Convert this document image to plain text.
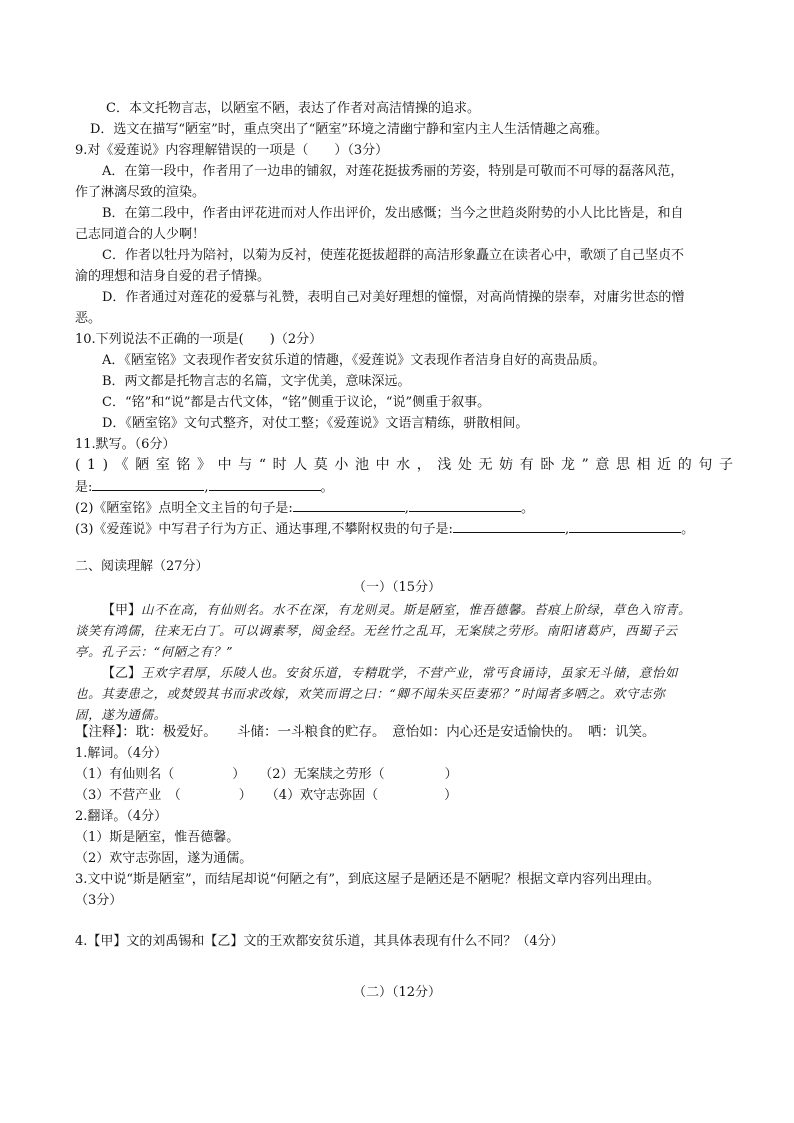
C．本文托物言志，以陋室不陋，表达了作者对高洁情操的追求。
D．选文在描写“陋室”时，重点突出了“陋室”环境之清幽宁静和室内主人生活情趣之高雅。
9.对《爱莲说》内容理解错误的一项是（　　）（3分）
A．在第一段中，作者用了一边串的铺叙，对莲花挺拔秀丽的芳姿，特别是可敬而不可辱的磊落风范，
作了淋漓尽致的渲染。
B．在第二段中，作者由评花进而对人作出评价，发出感慨；当今之世趋炎附势的小人比比皆是，和自
己志同道合的人少啊！
C．作者以牡丹为陪衬，以菊为反衬，使莲花挺拔超群的高洁形象矗立在读者心中，歌颂了自己坚贞不
渝的理想和洁身自爱的君子情操。
D．作者通过对莲花的爱慕与礼赞，表明自己对美好理想的憧憬，对高尚情操的崇奉，对庸劣世态的憎
恶。
10.下列说法不正确的一项是(　　)（2分）
A．《陋室铭》文表现作者安贫乐道的情趣，《爱莲说》文表现作者洁身自好的高贵品质。
B．两文都是托物言志的名篇，文字优美，意味深远。
C．“铭”和“说”都是古代文体，“铭”侧重于议论，“说”侧重于叙事。
D．《陋室铭》文句式整齐，对仗工整；《爱莲说》文语言精练，骈散相间。
11.默写。（6分）
(1)《陋室铭》中与“时人莫小池中水，浅处无妨有卧龙”意思相近的句子
是:	,	。
(2)《陋室铭》点明全文主旨的句子是:	,	。
(3)《爱莲说》中写君子行为方正、通达事理,不攀附权贵的句子是:	,	。
二、阅读理解（27分）
（一）（15分）
【甲】山不在高，有仙则名。水不在深，有龙则灵。斯是陋室，惟吾德馨。苔痕上阶绿，草色入帘青。
谈笑有鸿儒，往来无白丁。可以调素琴，阅金经。无丝竹之乱耳，无案牍之劳形。南阳诸葛庐，西蜀子云
亭。孔子云：“何陋之有？”
【乙】王欢字君厚，乐陵人也。安贫乐道，专精耽学，不营产业，常丐食诵诗，虽家无斗储，意怡如
也。其妻患之，或焚毁其书而求改嫁，欢笑而谓之曰：“卿不闻朱买臣妻邪？”时闻者多哂之。欢守志弥
固，遂为通儒。
【注释】：耽：极爱好。　　斗储：一斗粮食的贮存。　意怡如：内心还是安适愉快的。　哂：讥笑。
1.解词。（4分）
（1）有仙则名（	） （2）无案牍之劳形（	）
（3）不营产业　（	） （4）欢守志弥固（	）
2.翻译。（4分）
（1）斯是陋室，惟吾德馨。
（2）欢守志弥固，遂为通儒。
3.文中说“斯是陋室”，而结尾却说“何陋之有”，到底这屋子是陋还是不陋呢？根据文章内容列出理由。
（3分）
4.【甲】文的刘禹锡和【乙】文的王欢都安贫乐道，其具体表现有什么不同？（4分）
（二）（12分）
